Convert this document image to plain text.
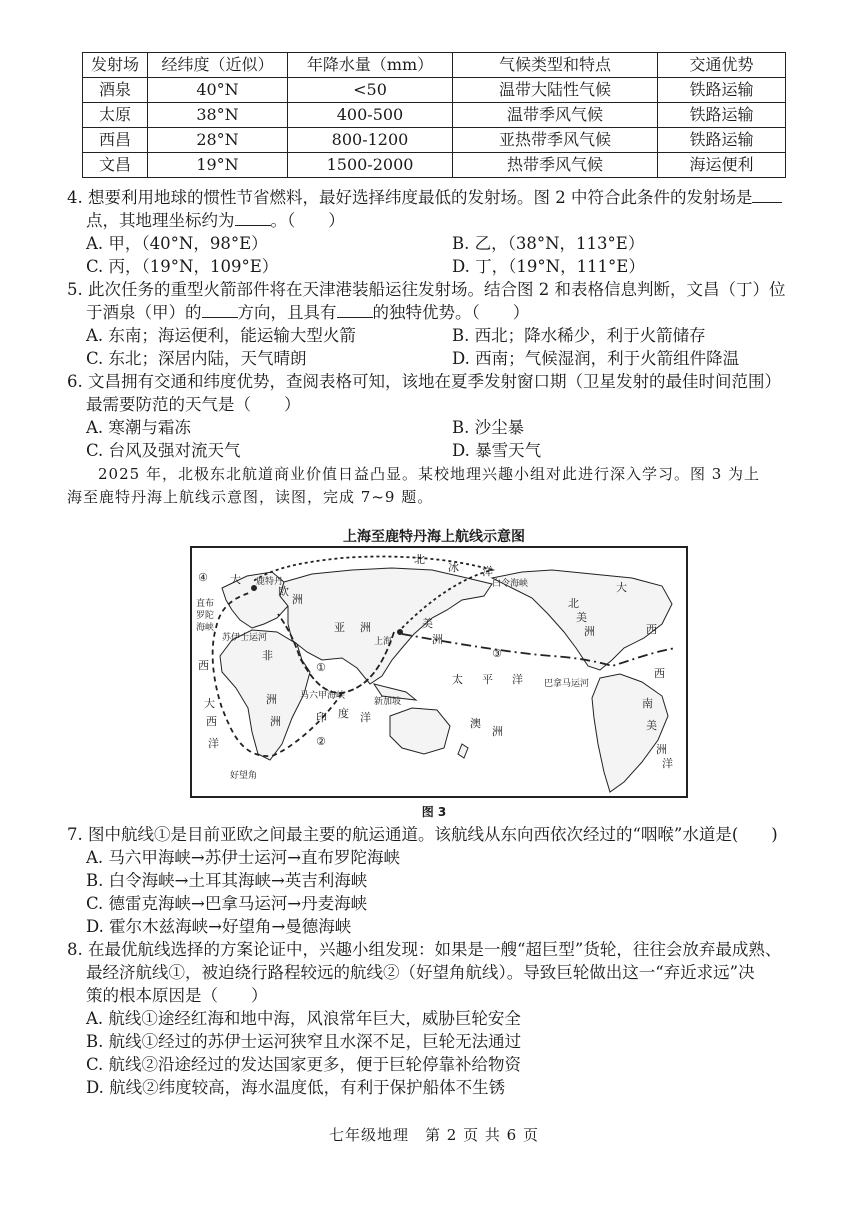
发射场	经纬度（近似）	年降水量（mm）	气候类型和特点	交通优势
酒泉	40°N	<50	温带大陆性气候	铁路运输
太原	38°N	400-500	温带季风气候	铁路运输
西昌	28°N	800-1200	亚热带季风气候	铁路运输
文昌	19°N	1500-2000	热带季风气候	海运便利
4. 想要利用地球的惯性节省燃料，最好选择纬度最低的发射场。图 2 中符合此条件的发射场是
点，其地理坐标约为 。（　　）
A. 甲，（40°N，98°E）	B. 乙，（38°N，113°E）
C. 丙，（19°N，109°E）	D. 丁，（19°N，111°E）
5. 此次任务的重型火箭部件将在天津港装船运往发射场。结合图 2 和表格信息判断，文昌（丁）位
于酒泉（甲）的 方向，且具有 的独特优势。（　　）
A. 东南；海运便利，能运输大型火箭	B. 西北；降水稀少，利于火箭储存
C. 东北；深居内陆，天气晴朗	D. 西南；气候湿润，利于火箭组件降温
6. 文昌拥有交通和纬度优势，查阅表格可知，该地在夏季发射窗口期（卫星发射的最佳时间范围）
最需要防范的天气是（　　）
A. 寒潮与霜冻	B. 沙尘暴
C. 台风及强对流天气	D. 暴雪天气
2025 年，北极东北航道商业价值日益凸显。某校地理兴趣小组对此进行深入学习。图 3 为上
海至鹿特丹海上航线示意图，读图，完成 7~9 题。
上海至鹿特丹海上航线示意图
北
冰 洋
大 鹿特丹
欧
洲
直布罗陀海峡
苏伊士运河
非
洲
亚 洲
上海
马六甲海峡
新加坡
白令海峡
西
大
西
洋
洲	印 度 洋
太 平 洋 巴拿马运河
澳
洲
好望角
大
西
北
美
洲
西
南
美
洲
洋
美
洲
①
②
③
④
图 3
7. 图中航线①是目前亚欧之间最主要的航运通道。该航线从东向西依次经过的“咽喉”水道是(　　)
A. 马六甲海峡→苏伊士运河→直布罗陀海峡
B. 白令海峡→土耳其海峡→英吉利海峡
C. 德雷克海峡→巴拿马运河→丹麦海峡
D. 霍尔木兹海峡→好望角→曼德海峡
8. 在最优航线选择的方案论证中，兴趣小组发现：如果是一艘“超巨型”货轮，往往会放弃最成熟、
最经济航线①，被迫绕行路程较远的航线②（好望角航线）。导致巨轮做出这一“弃近求远”决
策的根本原因是（　　）
A. 航线①途经红海和地中海，风浪常年巨大，威胁巨轮安全
B. 航线①经过的苏伊士运河狭窄且水深不足，巨轮无法通过
C. 航线②沿途经过的发达国家更多，便于巨轮停靠补给物资
D. 航线②纬度较高，海水温度低，有利于保护船体不生锈
七年级地理　第 2 页 共 6 页
